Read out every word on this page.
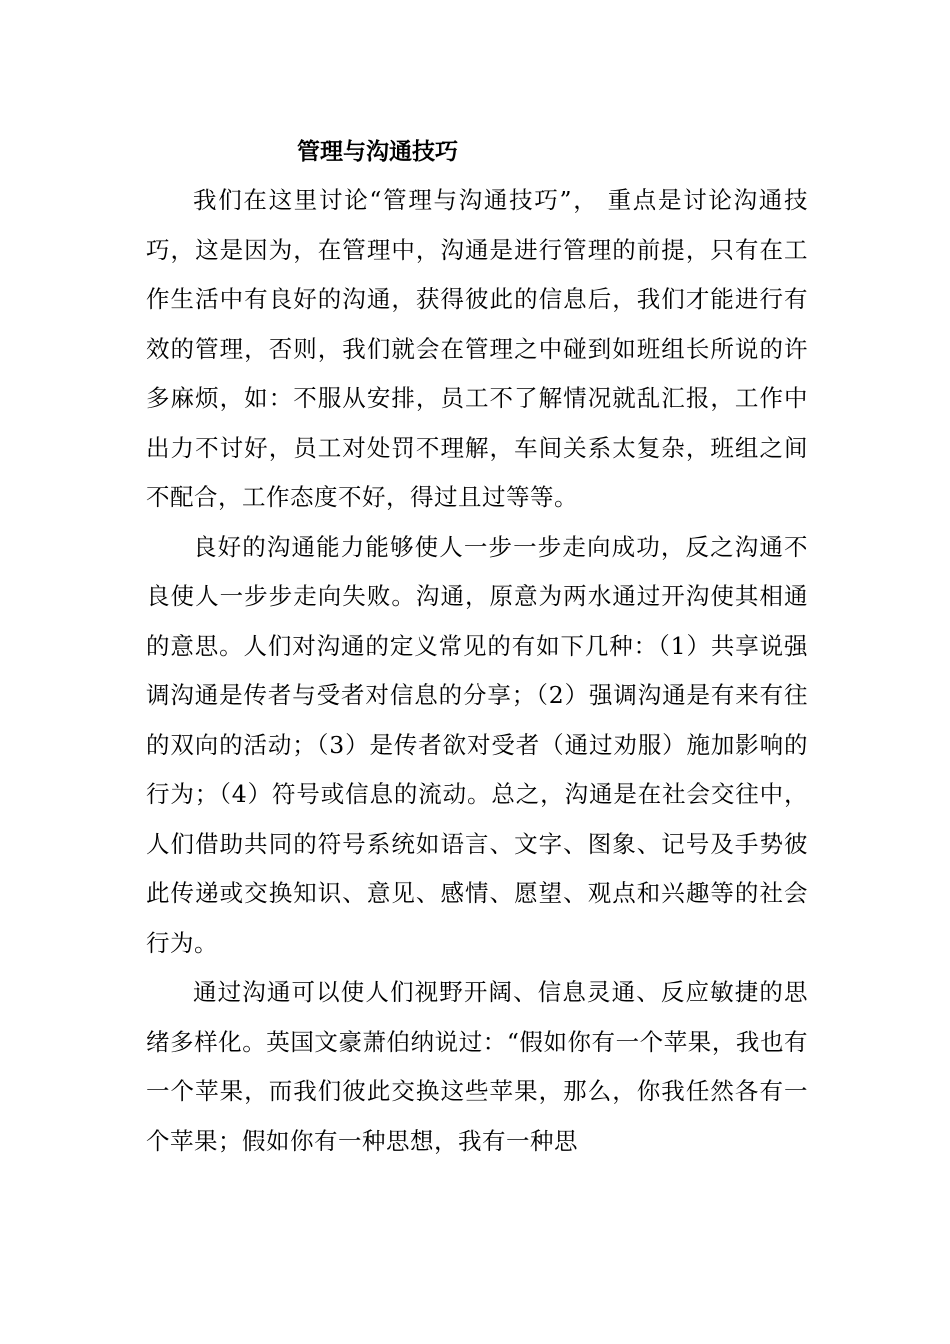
管理与沟通技巧

我们在这里讨论“管理与沟通技巧”， 重点是讨论沟通技巧，这是因为，在管理中，沟通是进行管理的前提，只有在工作生活中有良好的沟通，获得彼此的信息后，我们才能进行有效的管理，否则，我们就会在管理之中碰到如班组长所说的许多麻烦，如：不服从安排，员工不了解情况就乱汇报，工作中出力不讨好，员工对处罚不理解，车间关系太复杂，班组之间不配合，工作态度不好，得过且过等等。

良好的沟通能力能够使人一步一步走向成功，反之沟通不良使人一步步走向失败。沟通，原意为两水通过开沟使其相通的意思。人们对沟通的定义常见的有如下几种：（1）共享说强调沟通是传者与受者对信息的分享；（2）强调沟通是有来有往的双向的活动；（3）是传者欲对受者（通过劝服）施加影响的行为；（4）符号或信息的流动。总之，沟通是在社会交往中，人们借助共同的符号系统如语言、文字、图象、记号及手势彼此传递或交换知识、意见、感情、愿望、观点和兴趣等的社会行为。

通过沟通可以使人们视野开阔、信息灵通、反应敏捷的思绪多样化。英国文豪萧伯纳说过：“假如你有一个苹果，我也有一个苹果，而我们彼此交换这些苹果，那么，你我任然各有一个苹果；假如你有一种思想，我有一种思
